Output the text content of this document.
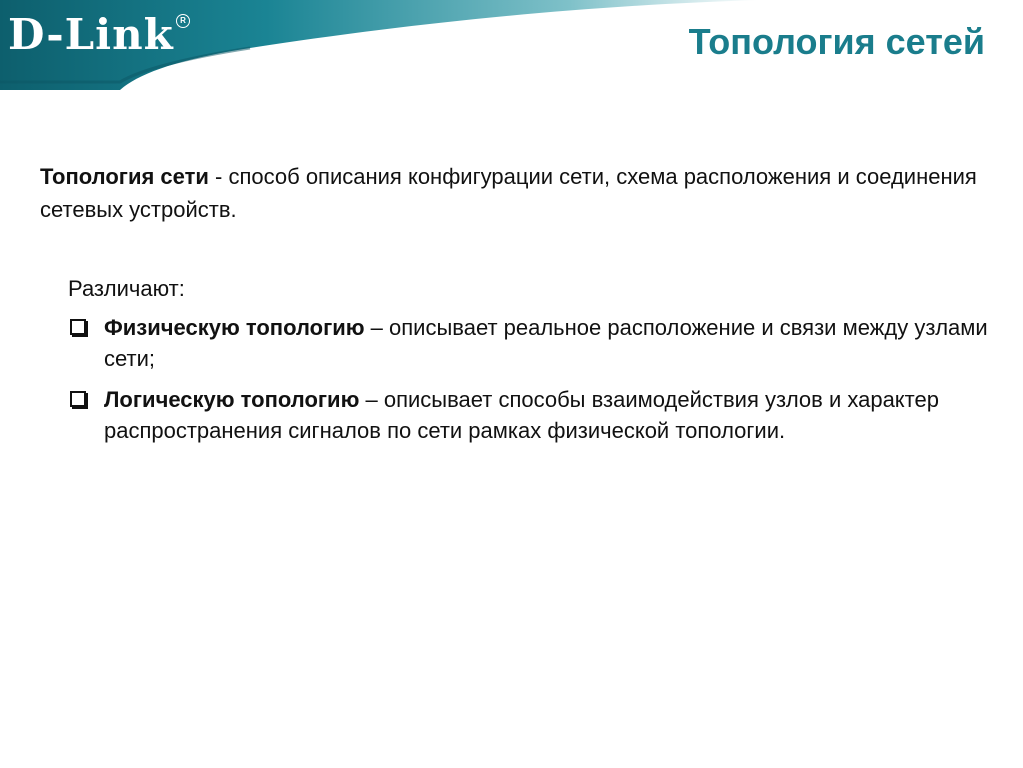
D-Link R
Топология сетей
Топология сети - способ описания конфигурации сети, схема расположения и соединения сетевых устройств.
Различают:
Физическую топологию – описывает реальное расположение и связи между узлами сети;
Логическую топологию – описывает способы взаимодействия узлов и характер распространения сигналов по сети рамках физической топологии.
